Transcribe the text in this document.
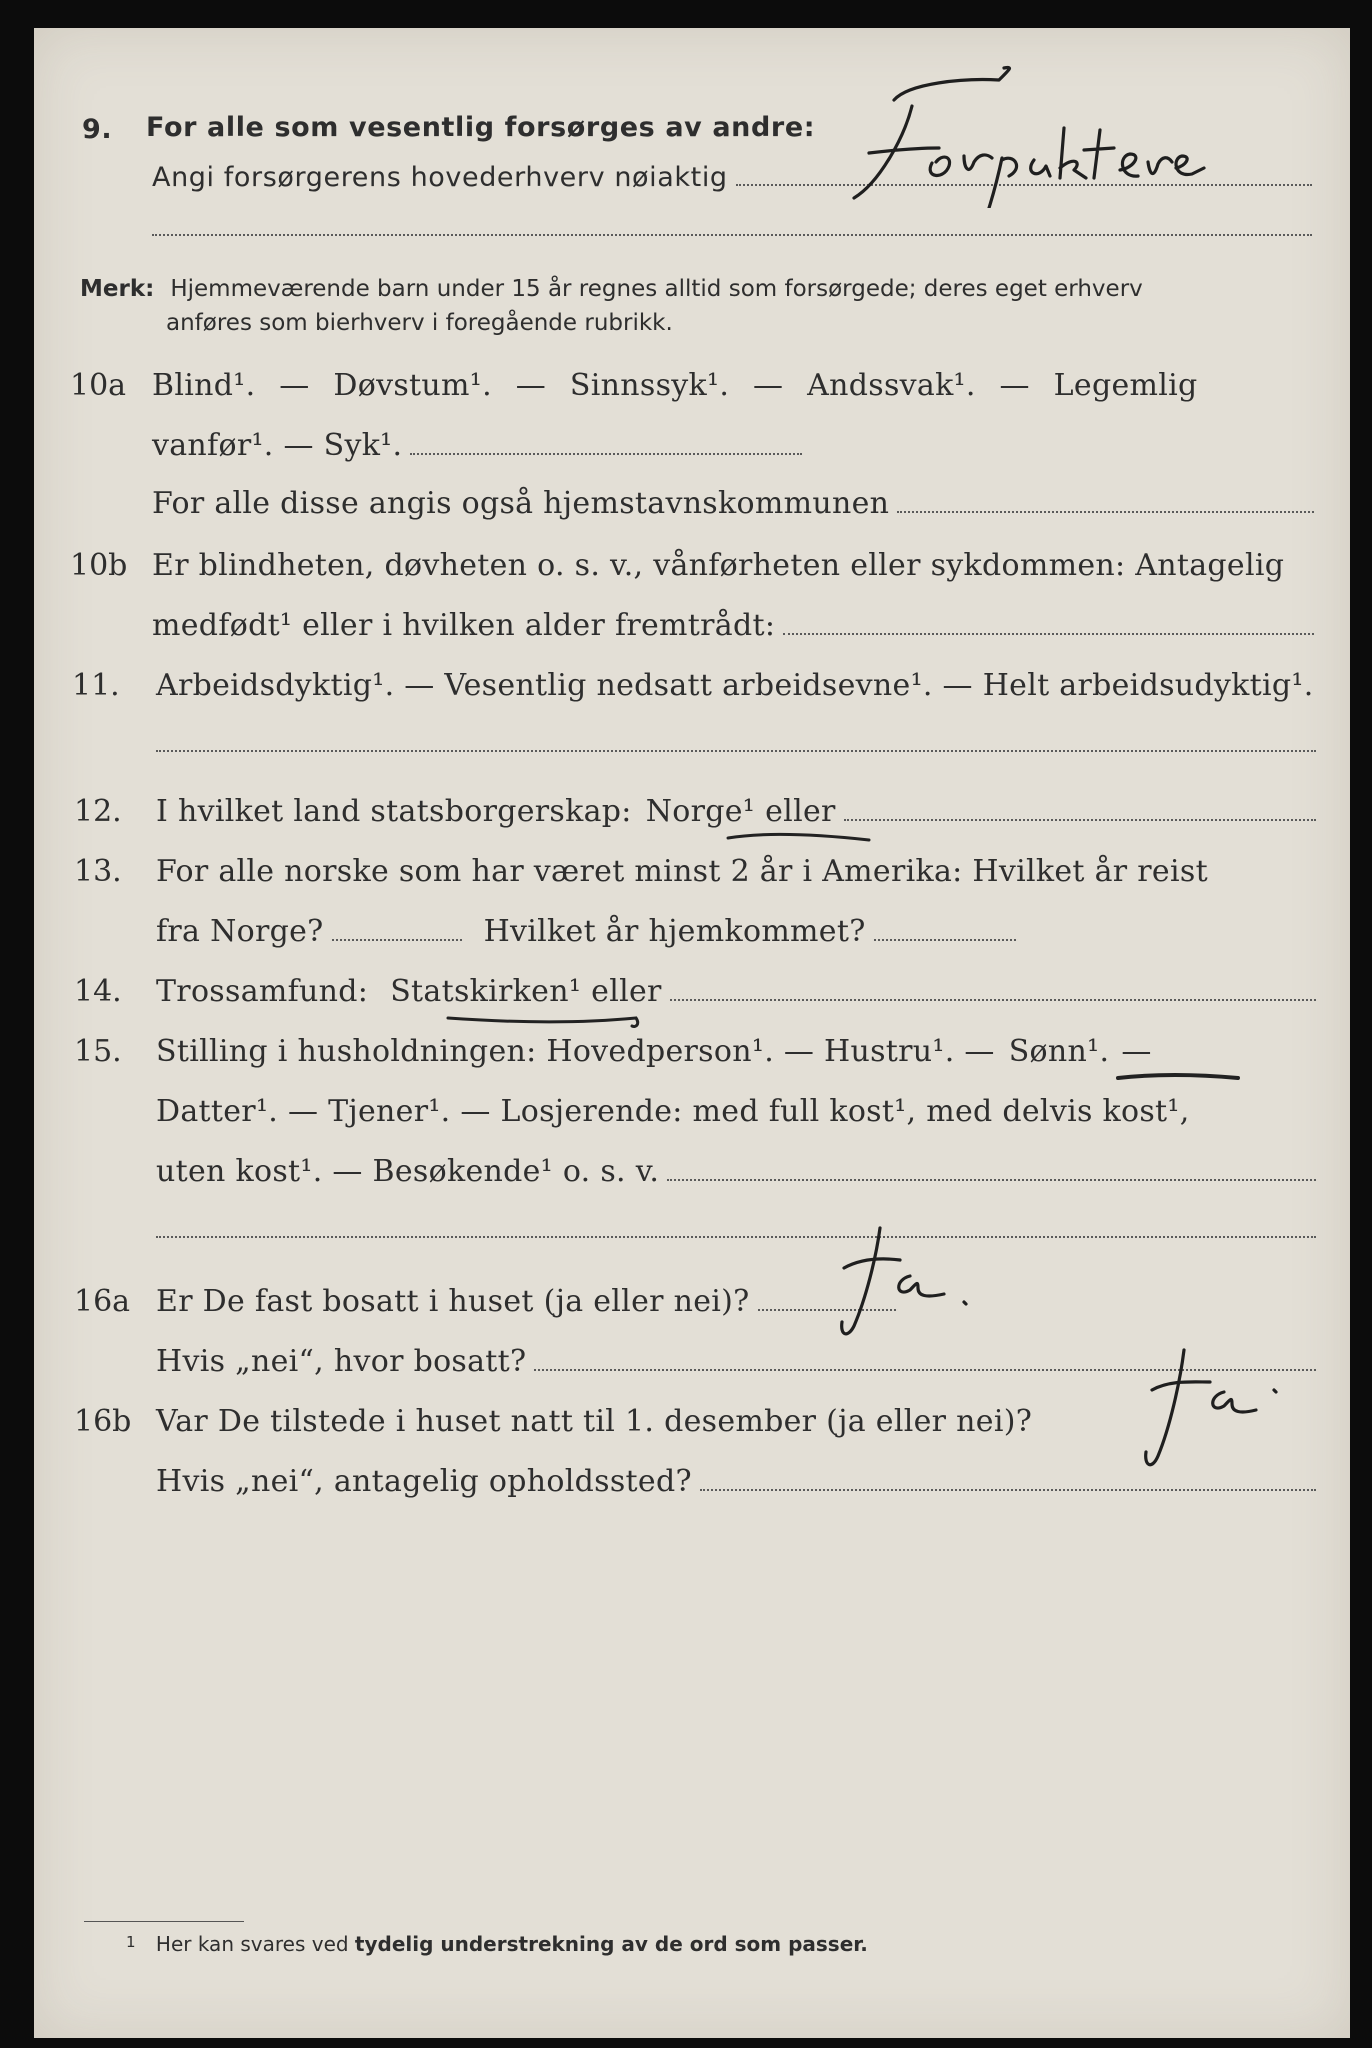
9. For alle som vesentlig forsørges av andre:
Angi forsørgerens hovederhverv nøiaktig
Merk: Hjemmeværende barn under 15 år regnes alltid som forsørgede; deres eget erhverv
anføres som bierhverv i foregående rubrikk.
10a Blind¹. — Døvstum¹. — Sinnssyk¹. — Andssvak¹. — Legemlig
vanfør¹. — Syk¹.
For alle disse angis også hjemstavnskommunen
10b Er blindheten, døvheten o. s. v., vånførheten eller sykdommen: Antagelig
medfødt¹ eller i hvilken alder fremtrådt:
11. Arbeidsdyktig¹. — Vesentlig nedsatt arbeidsevne¹. — Helt arbeidsudyktig¹.
12. I hvilket land statsborgerskap: Norge¹ eller
13. For alle norske som har været minst 2 år i Amerika: Hvilket år reist
fra Norge?	Hvilket år hjemkommet?
14. Trossamfund: Statskirken¹ eller
15. Stilling i husholdningen: Hovedperson¹. — Hustru¹. — Sønn¹. —
Datter¹. — Tjener¹. — Losjerende: med full kost¹, med delvis kost¹,
uten kost¹. — Besøkende¹ o. s. v.
16a Er De fast bosatt i huset (ja eller nei)?
Hvis „nei“, hvor bosatt?
16b Var De tilstede i huset natt til 1. desember (ja eller nei)?
Hvis „nei“, antagelig opholdssted?
$^1$ Her kan svares ved tydelig understrekning av de ord som passer.
